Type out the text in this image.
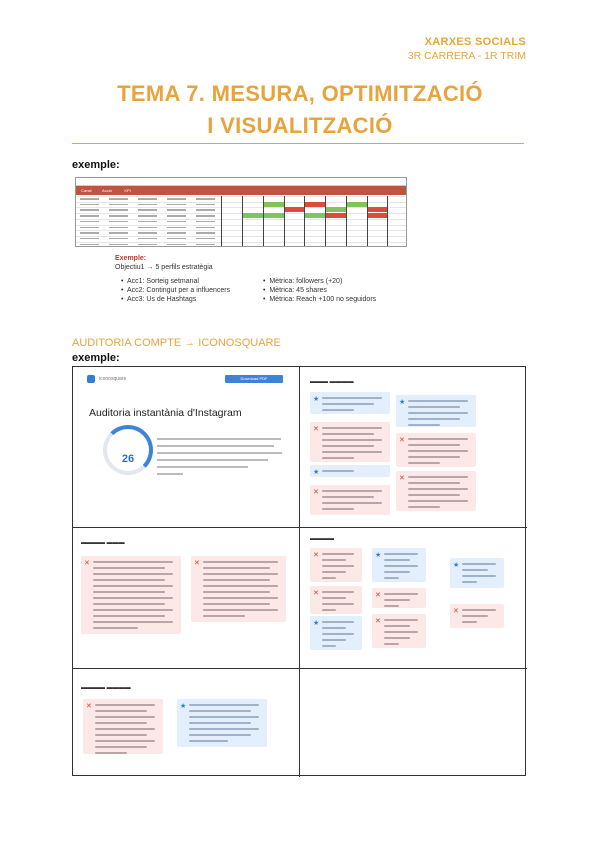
XARXES SOCIALS
3R CARRERA - 1R TRIM
TEMA 7. MESURA, OPTIMITZACIÓ
I VISUALITZACIÓ
exemple:
Canal	Acció	KPI
Exemple:
Objectiu1 → 5 perfils estratègia
•  Acc1: Sorteig setmanal
•  Acc2: Contingut per a influencers
•  Acc3: Us de Hashtags
•  Mètrica: followers (+20)
•  Mètrica: 45 shares
•  Mètrica: Reach +100 no seguidors
AUDITORIA COMPTE → ICONOSQUARE
exemple:
iconosquare	Download PDF
Auditoria instantània d'Instagram
26
▬▬▬ ▬▬▬▬
★	★
✕
✕
★
✕
✕
▬▬▬▬ ▬▬▬
✕	✕
▬▬▬▬
✕	★
★
✕	✕
★	✕
✕
▬▬▬▬ ▬▬▬▬
✕	★
